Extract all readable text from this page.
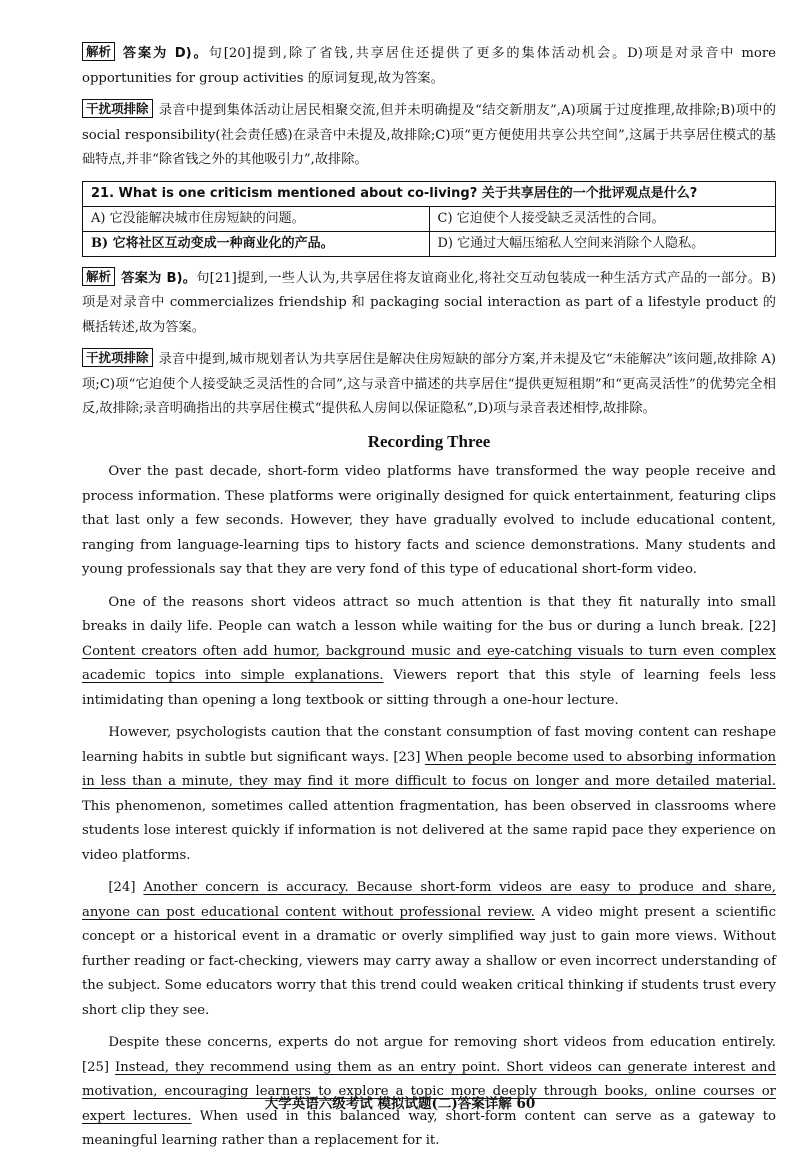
解析 答案为 D)。句[20]提到,除了省钱,共享居住还提供了更多的集体活动机会。D)项是对录音中 more opportunities for group activities 的原词复现,故为答案。

干扰项排除 录音中提到集体活动让居民相聚交流,但并未明确提及“结交新朋友”,A)项属于过度推理,故排除;B)项中的 social responsibility(社会责任感)在录音中未提及,故排除;C)项“更方便使用共享公共空间”,这属于共享居住模式的基础特点,并非“除省钱之外的其他吸引力”,故排除。

21. What is one criticism mentioned about co-living? 关于共享居住的一个批评观点是什么?	
A) 它没能解决城市住房短缺的问题。	C) 它迫使个人接受缺乏灵活性的合同。
B) 它将社区互动变成一种商业化的产品。	D) 它通过大幅压缩私人空间来消除个人隐私。

解析 答案为 B)。句[21]提到,一些人认为,共享居住将友谊商业化,将社交互动包装成一种生活方式产品的一部分。B)项是对录音中 commercializes friendship 和 packaging social interaction as part of a lifestyle product 的概括转述,故为答案。

干扰项排除 录音中提到,城市规划者认为共享居住是解决住房短缺的部分方案,并未提及它“未能解决”该问题,故排除 A)项;C)项“它迫使个人接受缺乏灵活性的合同”,这与录音中描述的共享居住“提供更短租期”和“更高灵活性”的优势完全相反,故排除;录音明确指出的共享居住模式“提供私人房间以保证隐私”,D)项与录音表述相悖,故排除。

Recording Three

Over the past decade, short-form video platforms have transformed the way people receive and process information. These platforms were originally designed for quick entertainment, featuring clips that last only a few seconds. However, they have gradually evolved to include educational content, ranging from language-learning tips to history facts and science demonstrations. Many students and young professionals say that they are very fond of this type of educational short-form video.

One of the reasons short videos attract so much attention is that they fit naturally into small breaks in daily life. People can watch a lesson while waiting for the bus or during a lunch break. [22] Content creators often add humor, background music and eye-catching visuals to turn even complex academic topics into simple explanations. Viewers report that this style of learning feels less intimidating than opening a long textbook or sitting through a one-hour lecture.

However, psychologists caution that the constant consumption of fast moving content can reshape learning habits in subtle but significant ways. [23] When people become used to absorbing information in less than a minute, they may find it more difficult to focus on longer and more detailed material. This phenomenon, sometimes called attention fragmentation, has been observed in classrooms where students lose interest quickly if information is not delivered at the same rapid pace they experience on video platforms.

[24] Another concern is accuracy. Because short-form videos are easy to produce and share, anyone can post educational content without professional review. A video might present a scientific concept or a historical event in a dramatic or overly simplified way just to gain more views. Without further reading or fact-checking, viewers may carry away a shallow or even incorrect understanding of the subject. Some educators worry that this trend could weaken critical thinking if students trust every short clip they see.

Despite these concerns, experts do not argue for removing short videos from education entirely. [25] Instead, they recommend using them as an entry point. Short videos can generate interest and motivation, encouraging learners to explore a topic more deeply through books, online courses or expert lectures. When used in this balanced way, short-form content can serve as a gateway to meaningful learning rather than a replacement for it.

大学英语六级考试 模拟试题(二)答案详解 60
